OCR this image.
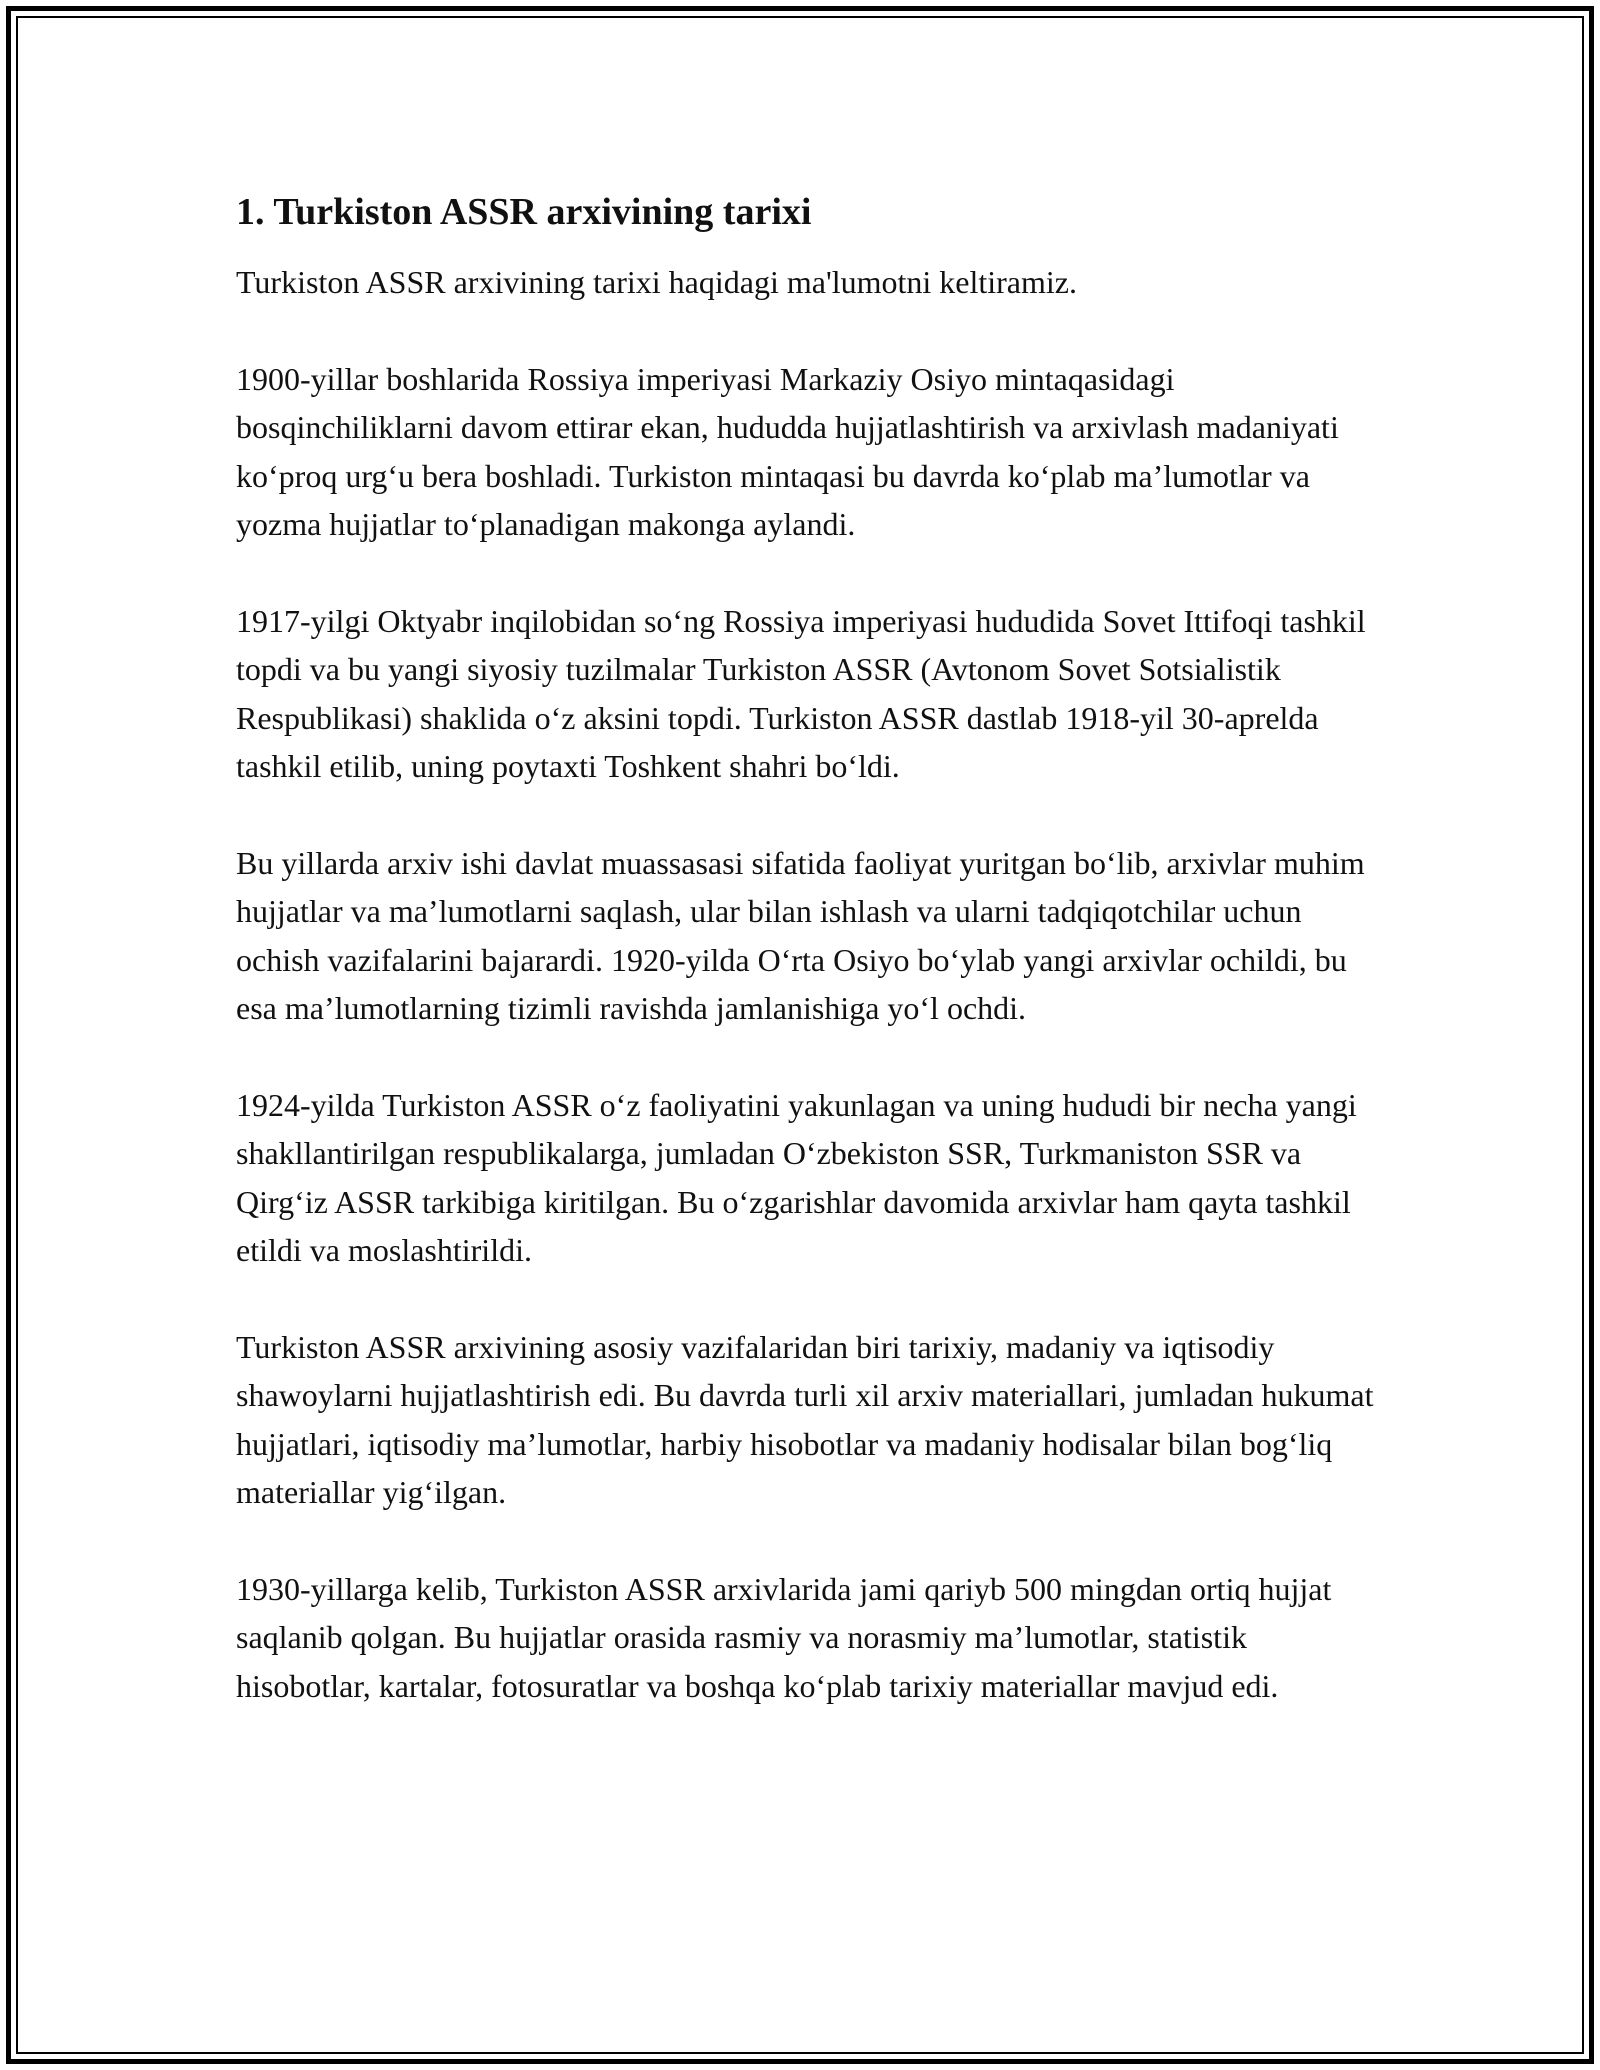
1. Turkiston ASSR arxivining tarixi

Turkiston ASSR arxivining tarixi haqidagi ma'lumotni keltiramiz.

1900-yillar boshlarida Rossiya imperiyasi Markaziy Osiyo mintaqasidagi bosqinchiliklarni davom ettirar ekan, hududda hujjatlashtirish va arxivlash madaniyati ko‘proq urg‘u bera boshladi. Turkiston mintaqasi bu davrda ko‘plab ma’lumotlar va yozma hujjatlar to‘planadigan makonga aylandi.

1917-yilgi Oktyabr inqilobidan so‘ng Rossiya imperiyasi hududida Sovet Ittifoqi tashkil topdi va bu yangi siyosiy tuzilmalar Turkiston ASSR (Avtonom Sovet Sotsialistik Respublikasi) shaklida o‘z aksini topdi. Turkiston ASSR dastlab 1918-yil 30-aprelda tashkil etilib, uning poytaxti Toshkent shahri bo‘ldi.

Bu yillarda arxiv ishi davlat muassasasi sifatida faoliyat yuritgan bo‘lib, arxivlar muhim hujjatlar va ma’lumotlarni saqlash, ular bilan ishlash va ularni tadqiqotchilar uchun ochish vazifalarini bajarardi. 1920-yilda O‘rta Osiyo bo‘ylab yangi arxivlar ochildi, bu esa ma’lumotlarning tizimli ravishda jamlanishiga yo‘l ochdi.

1924-yilda Turkiston ASSR o‘z faoliyatini yakunlagan va uning hududi bir necha yangi shakllantirilgan respublikalarga, jumladan O‘zbekiston SSR, Turkmaniston SSR va Qirg‘iz ASSR tarkibiga kiritilgan. Bu o‘zgarishlar davomida arxivlar ham qayta tashkil etildi va moslashtirildi.

Turkiston ASSR arxivining asosiy vazifalaridan biri tarixiy, madaniy va iqtisodiy shawoylarni hujjatlashtirish edi. Bu davrda turli xil arxiv materiallari, jumladan hukumat hujjatlari, iqtisodiy ma’lumotlar, harbiy hisobotlar va madaniy hodisalar bilan bog‘liq materiallar yig‘ilgan.

1930-yillarga kelib, Turkiston ASSR arxivlarida jami qariyb 500 mingdan ortiq hujjat saqlanib qolgan. Bu hujjatlar orasida rasmiy va norasmiy ma’lumotlar, statistik hisobotlar, kartalar, fotosuratlar va boshqa ko‘plab tarixiy materiallar mavjud edi.
